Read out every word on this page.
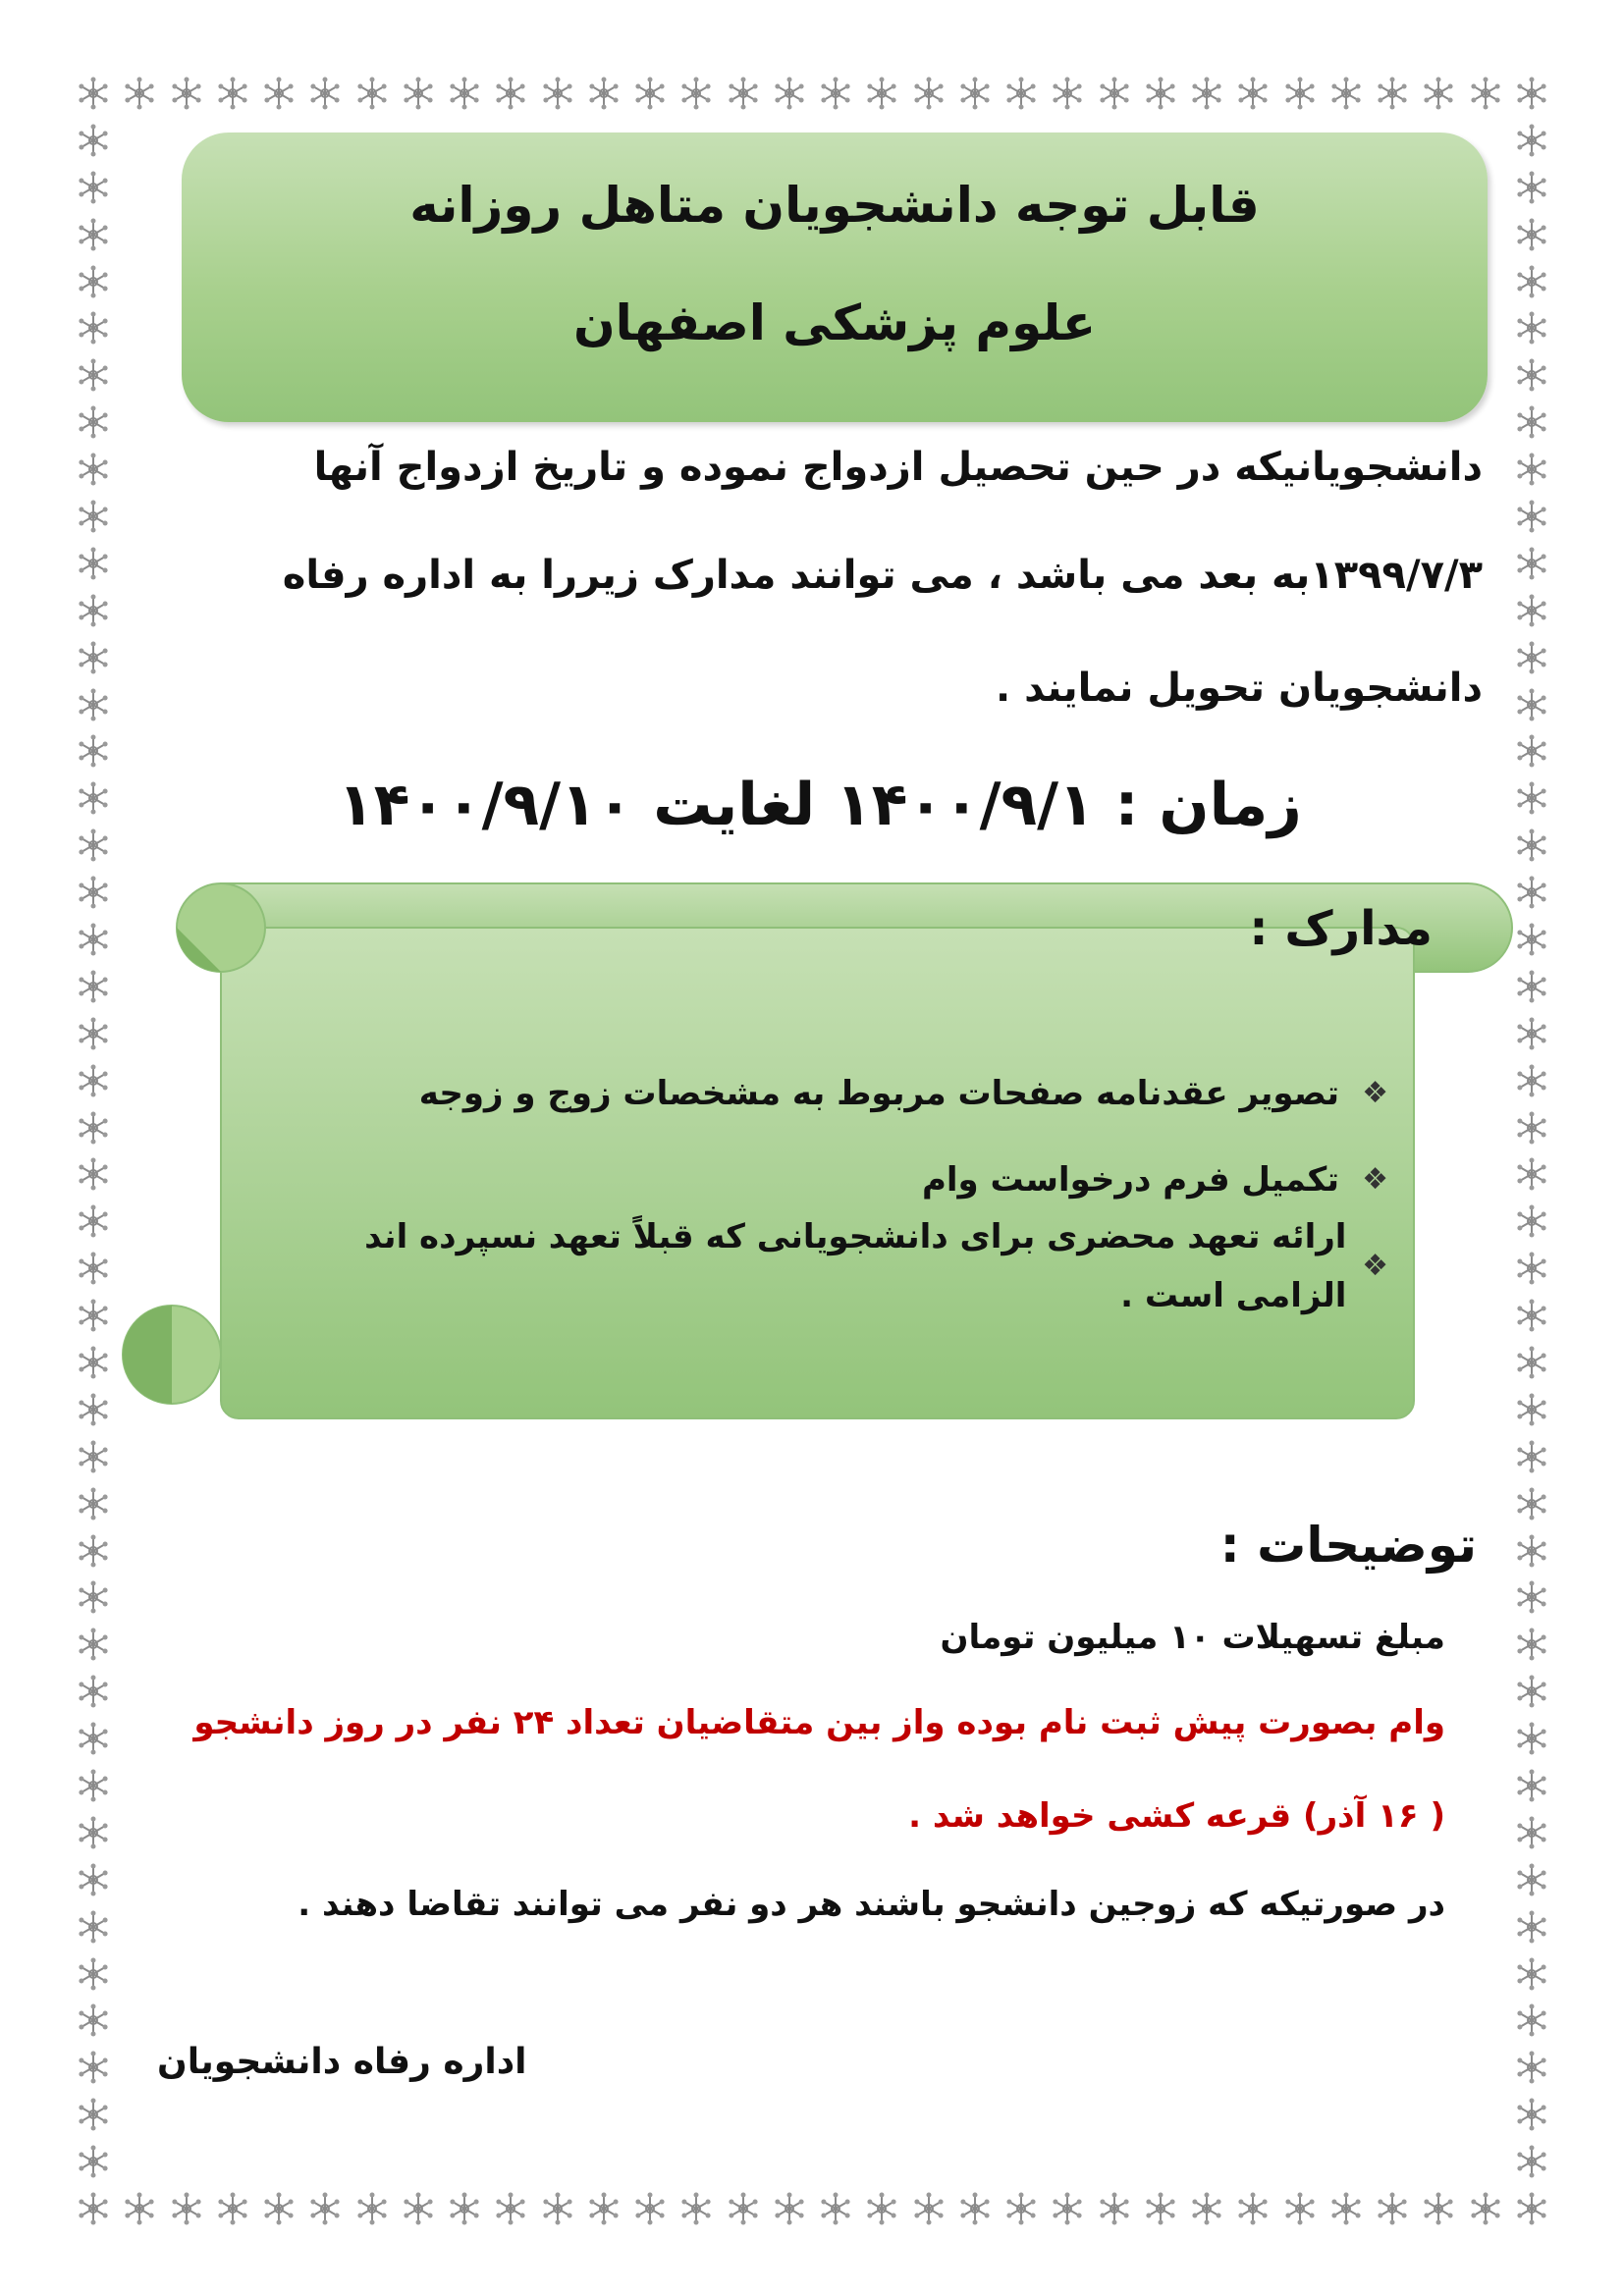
قابل توجه دانشجویان متاهل روزانه
علوم پزشکی اصفهان
دانشجویانیکه در حین تحصیل ازدواج نموده و تاریخ ازدواج آنها
۱۳۹۹/۷/۳به بعد می باشد ، می توانند مدارک زیررا به اداره رفاه
دانشجویان تحویل نمایند .
زمان : ۱۴۰۰/۹/۱ لغایت ۱۴۰۰/۹/۱۰
مدارک :
❖
تصویر عقدنامه صفحات مربوط به مشخصات زوج و زوجه
❖
تکمیل فرم درخواست وام
❖
ارائه تعهد محضری برای دانشجویانی که قبلاً تعهد نسپرده اند الزامی است .
توضیحات :
مبلغ تسهیلات ۱۰ میلیون تومان
وام بصورت پیش ثبت نام بوده واز بین متقاضیان تعداد ۲۴ نفر در روز دانشجو
( ۱۶ آذر) قرعه کشی خواهد شد .
در صورتیکه که زوجین دانشجو باشند هر دو نفر می توانند تقاضا دهند .
اداره رفاه دانشجویان
